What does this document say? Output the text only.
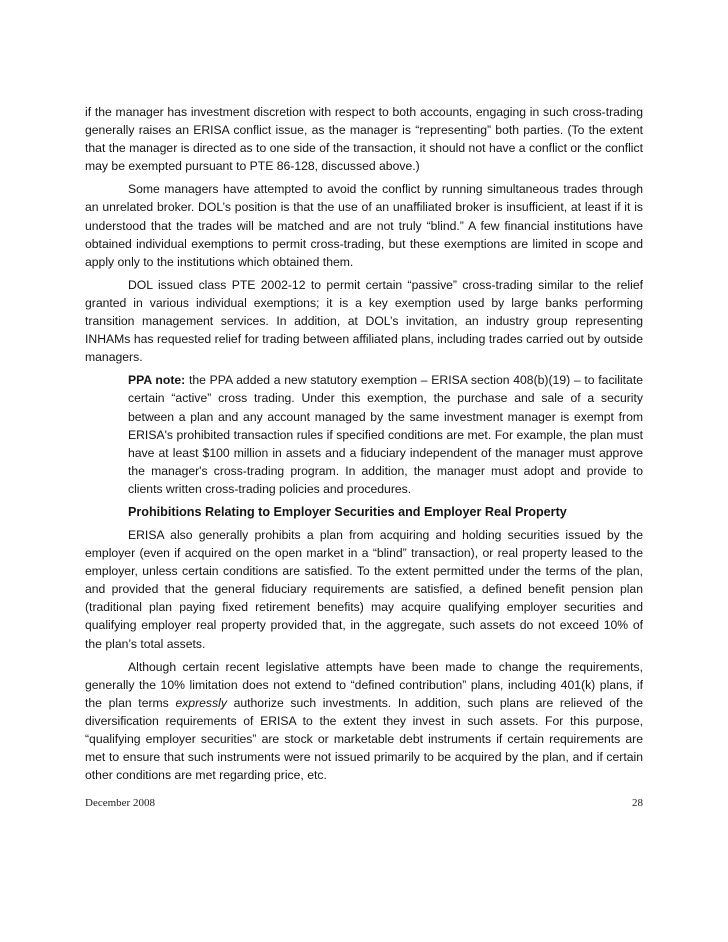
if the manager has investment discretion with respect to both accounts, engaging in such cross-trading generally raises an ERISA conflict issue, as the manager is “representing” both parties. (To the extent that the manager is directed as to one side of the transaction, it should not have a conflict or the conflict may be exempted pursuant to PTE 86-128, discussed above.)

Some managers have attempted to avoid the conflict by running simultaneous trades through an unrelated broker. DOL’s position is that the use of an unaffiliated broker is insufficient, at least if it is understood that the trades will be matched and are not truly “blind.” A few financial institutions have obtained individual exemptions to permit cross-trading, but these exemptions are limited in scope and apply only to the institutions which obtained them.

DOL issued class PTE 2002-12 to permit certain “passive” cross-trading similar to the relief granted in various individual exemptions; it is a key exemption used by large banks performing transition management services. In addition, at DOL’s invitation, an industry group representing INHAMs has requested relief for trading between affiliated plans, including trades carried out by outside managers.

PPA note: the PPA added a new statutory exemption – ERISA section 408(b)(19) – to facilitate certain “active” cross trading. Under this exemption, the purchase and sale of a security between a plan and any account managed by the same investment manager is exempt from ERISA's prohibited transaction rules if specified conditions are met. For example, the plan must have at least $100 million in assets and a fiduciary independent of the manager must approve the manager's cross-trading program. In addition, the manager must adopt and provide to clients written cross-trading policies and procedures.
Prohibitions Relating to Employer Securities and Employer Real Property

ERISA also generally prohibits a plan from acquiring and holding securities issued by the employer (even if acquired on the open market in a “blind” transaction), or real property leased to the employer, unless certain conditions are satisfied. To the extent permitted under the terms of the plan, and provided that the general fiduciary requirements are satisfied, a defined benefit pension plan (traditional plan paying fixed retirement benefits) may acquire qualifying employer securities and qualifying employer real property provided that, in the aggregate, such assets do not exceed 10% of the plan’s total assets.

Although certain recent legislative attempts have been made to change the requirements, generally the 10% limitation does not extend to “defined contribution” plans, including 401(k) plans, if the plan terms expressly authorize such investments. In addition, such plans are relieved of the diversification requirements of ERISA to the extent they invest in such assets. For this purpose, “qualifying employer securities” are stock or marketable debt instruments if certain requirements are met to ensure that such instruments were not issued primarily to be acquired by the plan, and if certain other conditions are met regarding price, etc.

December 2008	28
